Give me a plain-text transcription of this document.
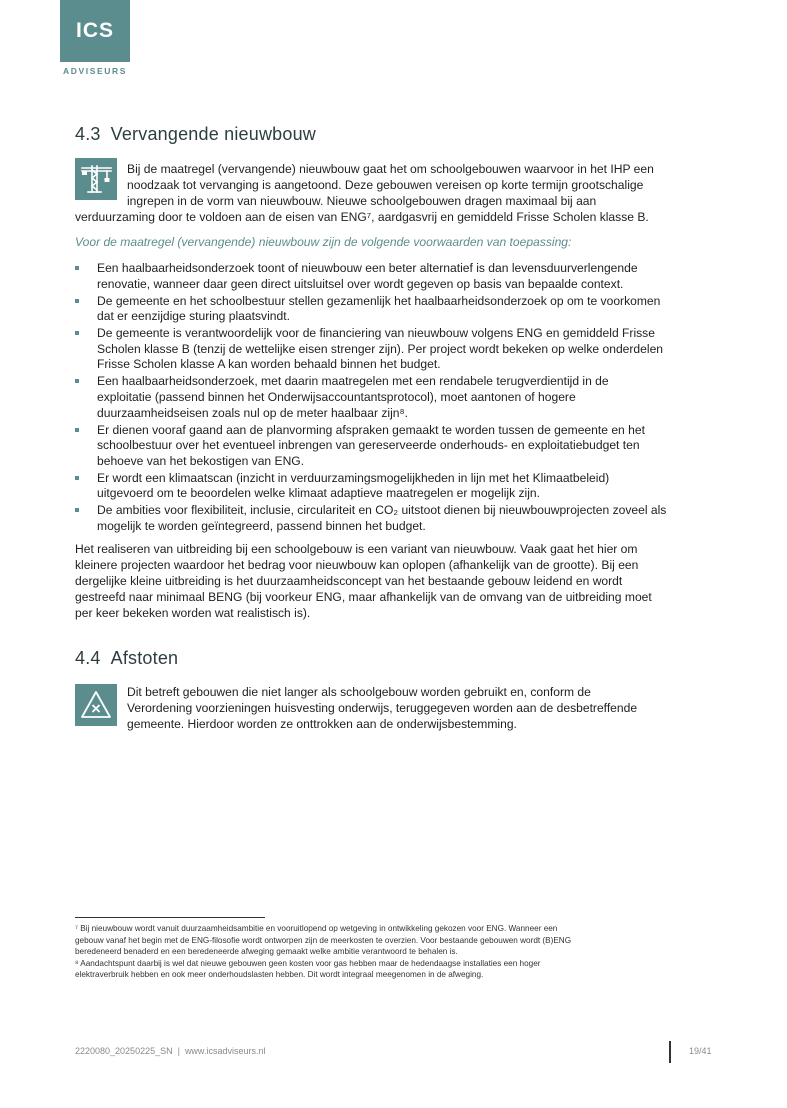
ICS
ADVISEURS
4.3 Vervangende nieuwbouw
Bij de maatregel (vervangende) nieuwbouw gaat het om schoolgebouwen waarvoor in het IHP een
noodzaak tot vervanging is aangetoond. Deze gebouwen vereisen op korte termijn grootschalige
ingrepen in de vorm van nieuwbouw. Nieuwe schoolgebouwen dragen maximaal bij aan
verduurzaming door te voldoen aan de eisen van ENG⁷, aardgasvrij en gemiddeld Frisse Scholen klasse B.
Voor de maatregel (vervangende) nieuwbouw zijn de volgende voorwaarden van toepassing:
Een haalbaarheidsonderzoek toont of nieuwbouw een beter alternatief is dan levensduurverlengende
renovatie, wanneer daar geen direct uitsluitsel over wordt gegeven op basis van bepaalde context.
De gemeente en het schoolbestuur stellen gezamenlijk het haalbaarheidsonderzoek op om te voorkomen
dat er eenzijdige sturing plaatsvindt.
De gemeente is verantwoordelijk voor de financiering van nieuwbouw volgens ENG en gemiddeld Frisse
Scholen klasse B (tenzij de wettelijke eisen strenger zijn). Per project wordt bekeken op welke onderdelen
Frisse Scholen klasse A kan worden behaald binnen het budget.
Een haalbaarheidsonderzoek, met daarin maatregelen met een rendabele terugverdientijd in de
exploitatie (passend binnen het Onderwijsaccountantsprotocol), moet aantonen of hogere
duurzaamheidseisen zoals nul op de meter haalbaar zijn⁸.
Er dienen vooraf gaand aan de planvorming afspraken gemaakt te worden tussen de gemeente en het
schoolbestuur over het eventueel inbrengen van gereserveerde onderhouds- en exploitatiebudget ten
behoeve van het bekostigen van ENG.
Er wordt een klimaatscan (inzicht in verduurzamingsmogelijkheden in lijn met het Klimaatbeleid)
uitgevoerd om te beoordelen welke klimaat adaptieve maatregelen er mogelijk zijn.
De ambities voor flexibiliteit, inclusie, circulariteit en CO₂ uitstoot dienen bij nieuwbouwprojecten zoveel als
mogelijk te worden geïntegreerd, passend binnen het budget.
Het realiseren van uitbreiding bij een schoolgebouw is een variant van nieuwbouw. Vaak gaat het hier om
kleinere projecten waardoor het bedrag voor nieuwbouw kan oplopen (afhankelijk van de grootte). Bij een
dergelijke kleine uitbreiding is het duurzaamheidsconcept van het bestaande gebouw leidend en wordt
gestreefd naar minimaal BENG (bij voorkeur ENG, maar afhankelijk van de omvang van de uitbreiding moet
per keer bekeken worden wat realistisch is).
4.4 Afstoten
Dit betreft gebouwen die niet langer als schoolgebouw worden gebruikt en, conform de
Verordening voorzieningen huisvesting onderwijs, teruggegeven worden aan de desbetreffende
gemeente. Hierdoor worden ze onttrokken aan de onderwijsbestemming.
⁷ Bij nieuwbouw wordt vanuit duurzaamheidsambitie en vooruitlopend op wetgeving in ontwikkeling gekozen voor ENG. Wanneer een
gebouw vanaf het begin met de ENG-filosofie wordt ontworpen zijn de meerkosten te overzien. Voor bestaande gebouwen wordt (B)ENG
beredeneerd benaderd en een beredeneerde afweging gemaakt welke ambitie verantwoord te behalen is.
⁸ Aandachtspunt daarbij is wel dat nieuwe gebouwen geen kosten voor gas hebben maar de hedendaagse installaties een hoger
elektraverbruik hebben en ook meer onderhoudslasten hebben. Dit wordt integraal meegenomen in de afweging.
2220080_20250225_SN | www.icsadviseurs.nl	19/41
